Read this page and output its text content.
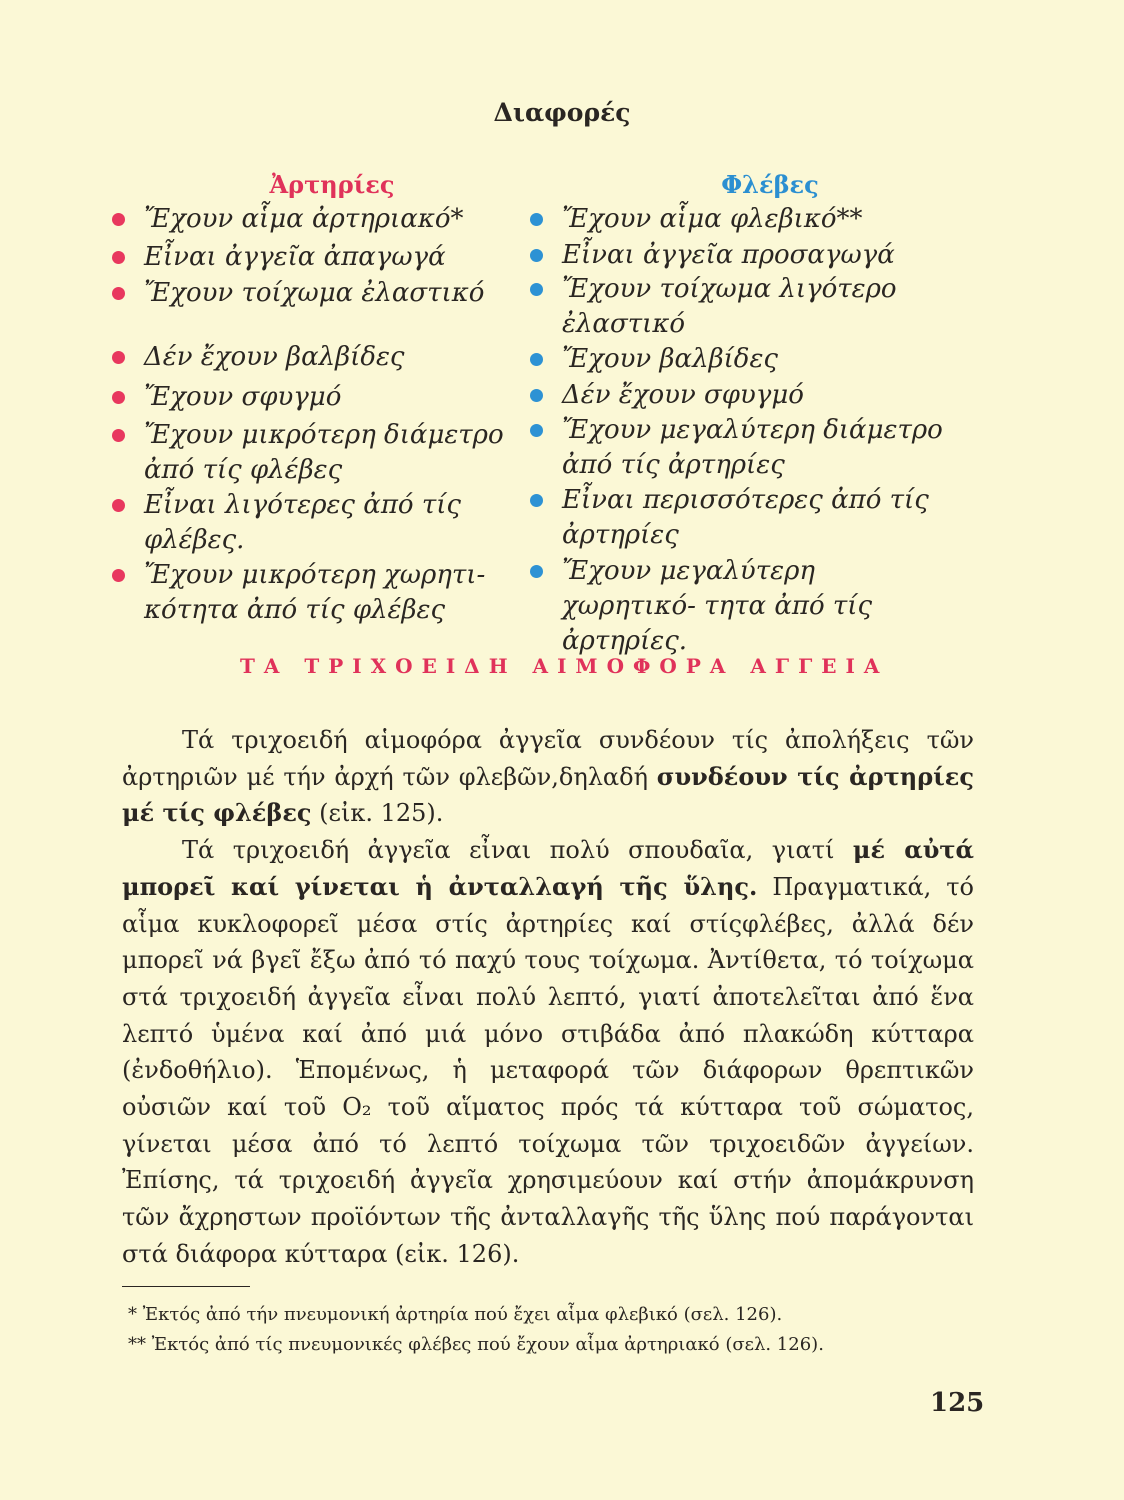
Διαφορές
Ἀρτηρίες
Ἔχουν αἷμα ἀρτηριακό*
Εἶναι ἀγγεῖα ἀπαγωγά
Ἔχουν τοίχωμα ἐλαστικό
Δέν ἔχουν βαλβίδες
Ἔχουν σφυγμό
Ἔχουν μικρότερη διάμετρο ἀπό τίς φλέβες
Εἶναι λιγότερες ἀπό τίς φλέβες.
Ἔχουν μικρότερη χωρητι- κότητα ἀπό τίς φλέβες
Φλέβες
Ἔχουν αἷμα φλεβικό**
Εἶναι ἀγγεῖα προσαγωγά
Ἔχουν τοίχωμα λιγότερο ἐλαστικό
Ἔχουν βαλβίδες
Δέν ἔχουν σφυγμό
Ἔχουν μεγαλύτερη διάμετρο ἀπό τίς ἀρτηρίες
Εἶναι περισσότερες ἀπό τίς ἀρτηρίες
Ἔχουν μεγαλύτερη χωρητικό- τητα ἀπό τίς ἀρτηρίες.
ΤΑ ΤΡΙΧΟΕΙΔΗ ΑΙΜΟΦΟΡΑ ΑΓΓΕΙΑ

Τά τριχοειδή αἱμοφόρα ἀγγεῖα συνδέουν τίς ἀπολήξεις τῶν ἀρτηριῶν μέ τήν ἀρχή τῶν φλεβῶν,δηλαδή συνδέουν τίς ἀρτηρίες μέ τίς φλέβες (εἰκ. 125).

Τά τριχοειδή ἀγγεῖα εἶναι πολύ σπουδαῖα, γιατί μέ αὐτά μπορεῖ καί γίνεται ἡ ἀνταλλαγή τῆς ὕλης. Πραγματικά, τό αἷμα κυκλοφορεῖ μέσα στίς ἀρτηρίες καί στίςφλέβες, ἀλλά δέν μπορεῖ νά βγεῖ ἔξω ἀπό τό παχύ τους τοίχωμα. Ἀντίθετα, τό τοίχωμα στά τριχοειδή ἀγγεῖα εἶναι πολύ λεπτό, γιατί ἀποτελεῖται ἀπό ἕνα λεπτό ὑμένα καί ἀπό μιά μόνο στιβάδα ἀπό πλακώδη κύτταρα (ἐνδοθήλιο). Ἑπομένως, ἡ μεταφορά τῶν διάφορων θρεπτικῶν οὐσιῶν καί τοῦ Ο₂ τοῦ αἵματος πρός τά κύτταρα τοῦ σώματος, γίνεται μέσα ἀπό τό λεπτό τοίχωμα τῶν τριχοειδῶν ἀγγείων. Ἐπίσης, τά τριχοειδή ἀγγεῖα χρησιμεύουν καί στήν ἀπομάκρυνση τῶν ἄχρηστων προϊόντων τῆς ἀνταλλαγῆς τῆς ὕλης πού παράγονται στά διάφορα κύτταρα (εἰκ. 126).

* Ἐκτός ἀπό τήν πνευμονική ἀρτηρία πού ἔχει αἷμα φλεβικό (σελ. 126).
** Ἐκτός ἀπό τίς πνευμονικές φλέβες πού ἔχουν αἷμα ἀρτηριακό (σελ. 126).
125
